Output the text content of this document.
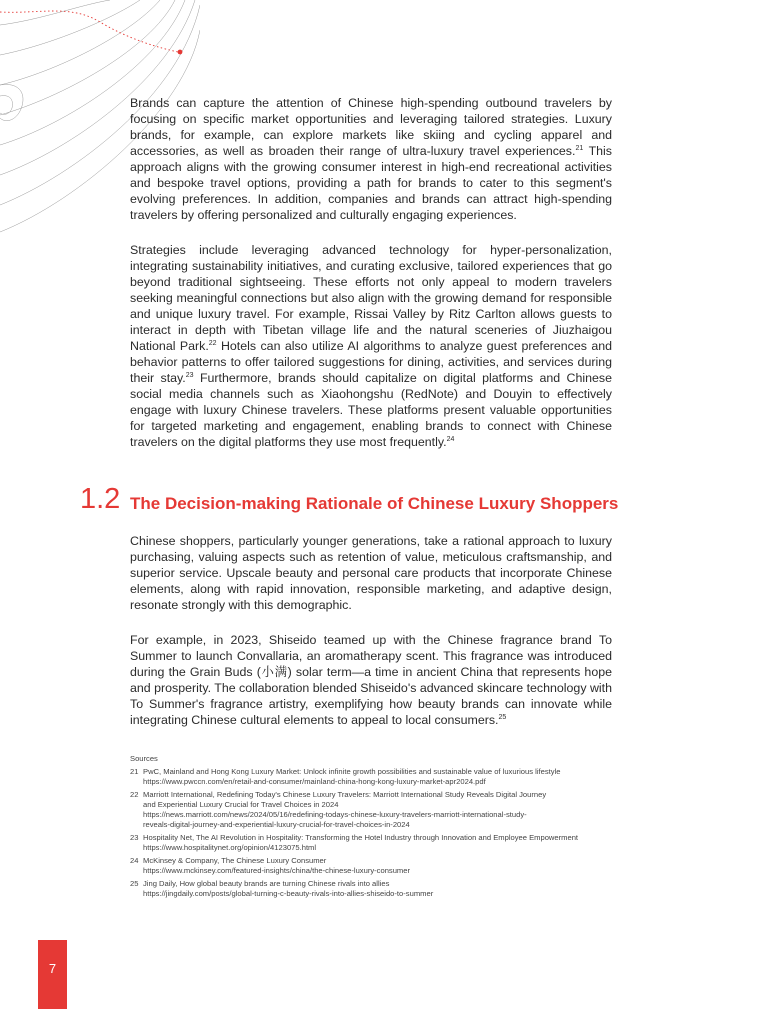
Brands can capture the attention of Chinese high-spending outbound travelers by focusing on specific market opportunities and leveraging tailored strategies. Luxury brands, for example, can explore markets like skiing and cycling apparel and accessories, as well as broaden their range of ultra-luxury travel experiences.$^{21}$ This approach aligns with the growing consumer interest in high-end recreational activities and bespoke travel options, providing a path for brands to cater to this segment's evolving preferences. In addition, companies and brands can attract high-spending travelers by offering personalized and culturally engaging experiences.

Strategies include leveraging advanced technology for hyper-personalization, integrating sustainability initiatives, and curating exclusive, tailored experiences that go beyond traditional sightseeing. These efforts not only appeal to modern travelers seeking meaningful connections but also align with the growing demand for responsible and unique luxury travel. For example, Rissai Valley by Ritz Carlton allows guests to interact in depth with Tibetan village life and the natural sceneries of Jiuzhaigou National Park.$^{22}$ Hotels can also utilize AI algorithms to analyze guest preferences and behavior patterns to offer tailored suggestions for dining, activities, and services during their stay.$^{23}$ Furthermore, brands should capitalize on digital platforms and Chinese social media channels such as Xiaohongshu (RedNote) and Douyin to effectively engage with luxury Chinese travelers. These platforms present valuable opportunities for targeted marketing and engagement, enabling brands to connect with Chinese travelers on the digital platforms they use most frequently.$^{24}$

1.2 The Decision-making Rationale of Chinese Luxury Shoppers

Chinese shoppers, particularly younger generations, take a rational approach to luxury purchasing, valuing aspects such as retention of value, meticulous craftsmanship, and superior service. Upscale beauty and personal care products that incorporate Chinese elements, along with rapid innovation, responsible marketing, and adaptive design, resonate strongly with this demographic.

For example, in 2023, Shiseido teamed up with the Chinese fragrance brand To Summer to launch Convallaria, an aromatherapy scent. This fragrance was introduced during the Grain Buds (小满) solar term—a time in ancient China that represents hope and prosperity. The collaboration blended Shiseido's advanced skincare technology with To Summer's fragrance artistry, exemplifying how beauty brands can innovate while integrating Chinese cultural elements to appeal to local consumers.$^{25}$

Sources
21 PwC, Mainland and Hong Kong Luxury Market: Unlock infinite growth possibilities and sustainable value of luxurious lifestyle
https://www.pwccn.com/en/retail-and-consumer/mainland-china-hong-kong-luxury-market-apr2024.pdf
22 Marriott International, Redefining Today's Chinese Luxury Travelers: Marriott International Study Reveals Digital Journey
and Experiential Luxury Crucial for Travel Choices in 2024
https://news.marriott.com/news/2024/05/16/redefining-todays-chinese-luxury-travelers-marriott-international-study-
reveals-digital-journey-and-experiential-luxury-crucial-for-travel-choices-in-2024
23 Hospitality Net, The AI Revolution in Hospitality: Transforming the Hotel Industry through Innovation and Employee Empowerment
https://www.hospitalitynet.org/opinion/4123075.html
24 McKinsey & Company, The Chinese Luxury Consumer
https://www.mckinsey.com/featured-insights/china/the-chinese-luxury-consumer
25 Jing Daily, How global beauty brands are turning Chinese rivals into allies
https://jingdaily.com/posts/global-turning-c-beauty-rivals-into-allies-shiseido-to-summer
7
